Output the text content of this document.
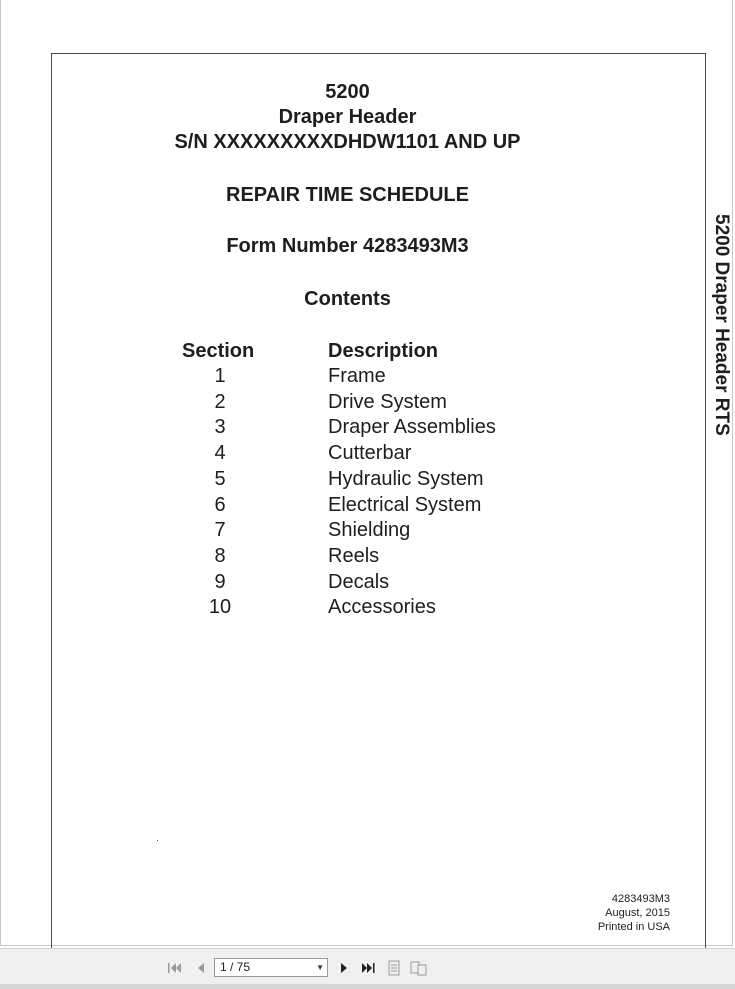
5200
Draper Header
S/N XXXXXXXXXDHDW1101 AND UP
REPAIR TIME SCHEDULE
Form Number 4283493M3
Contents
Section	Description
1	Frame
2	Drive System
3	Draper Assemblies
4	Cutterbar
5	Hydraulic System
6	Electrical System
7	Shielding
8	Reels
9	Decals
10	Accessories
5200 Draper Header RTS
4283493M3
August, 2015
Printed in USA
1 / 75	▼
